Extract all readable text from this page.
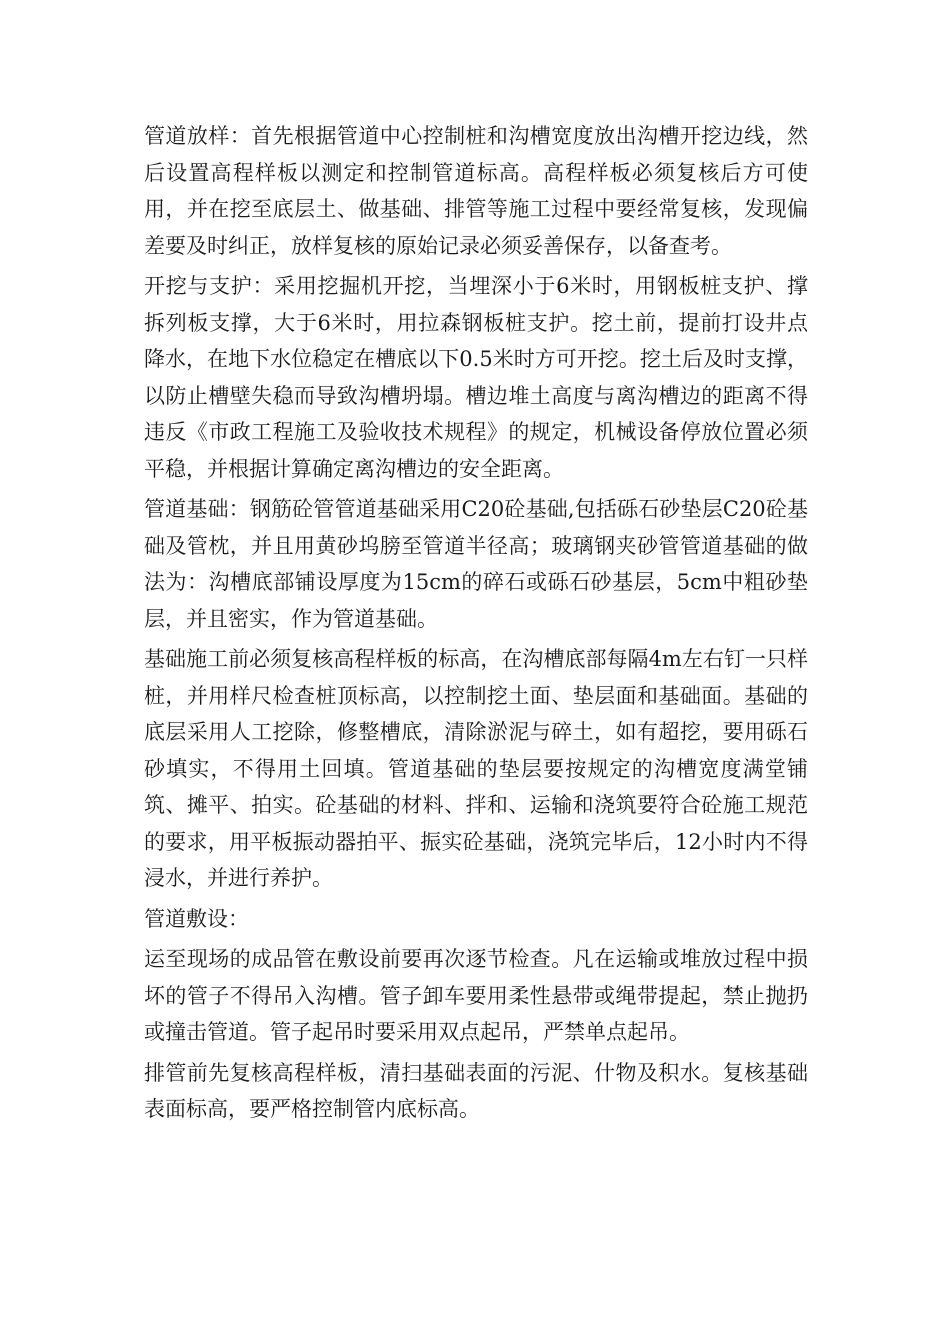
管道放样：首先根据管道中心控制桩和沟槽宽度放出沟槽开挖边线，然后设置高程样板以测定和控制管道标高。高程样板必须复核后方可使用，并在挖至底层土、做基础、排管等施工过程中要经常复核，发现偏差要及时纠正，放样复核的原始记录必须妥善保存，以备查考。

开挖与支护：采用挖掘机开挖，当埋深小于6米时，用钢板桩支护、撑拆列板支撑，大于6米时，用拉森钢板桩支护。挖土前，提前打设井点降水，在地下水位稳定在槽底以下0.5米时方可开挖。挖土后及时支撑，以防止槽壁失稳而导致沟槽坍塌。槽边堆土高度与离沟槽边的距离不得违反《市政工程施工及验收技术规程》的规定，机械设备停放位置必须平稳，并根据计算确定离沟槽边的安全距离。

管道基础：钢筋砼管管道基础采用C20砼基础,包括砾石砂垫层C20砼基础及管枕，并且用黄砂坞膀至管道半径高；玻璃钢夹砂管管道基础的做法为：沟槽底部铺设厚度为15cm的碎石或砾石砂基层，5cm中粗砂垫层，并且密实，作为管道基础。

基础施工前必须复核高程样板的标高，在沟槽底部每隔4m左右钉一只样桩，并用样尺检查桩顶标高，以控制挖土面、垫层面和基础面。基础的底层采用人工挖除，修整槽底，清除淤泥与碎土，如有超挖，要用砾石砂填实，不得用土回填。管道基础的垫层要按规定的沟槽宽度满堂铺筑、摊平、拍实。砼基础的材料、拌和、运输和浇筑要符合砼施工规范的要求，用平板振动器拍平、振实砼基础，浇筑完毕后，12小时内不得浸水，并进行养护。

管道敷设：

运至现场的成品管在敷设前要再次逐节检查。凡在运输或堆放过程中损坏的管子不得吊入沟槽。管子卸车要用柔性悬带或绳带提起，禁止抛扔或撞击管道。管子起吊时要采用双点起吊，严禁单点起吊。

排管前先复核高程样板，清扫基础表面的污泥、什物及积水。复核基础表面标高，要严格控制管内底标高。
